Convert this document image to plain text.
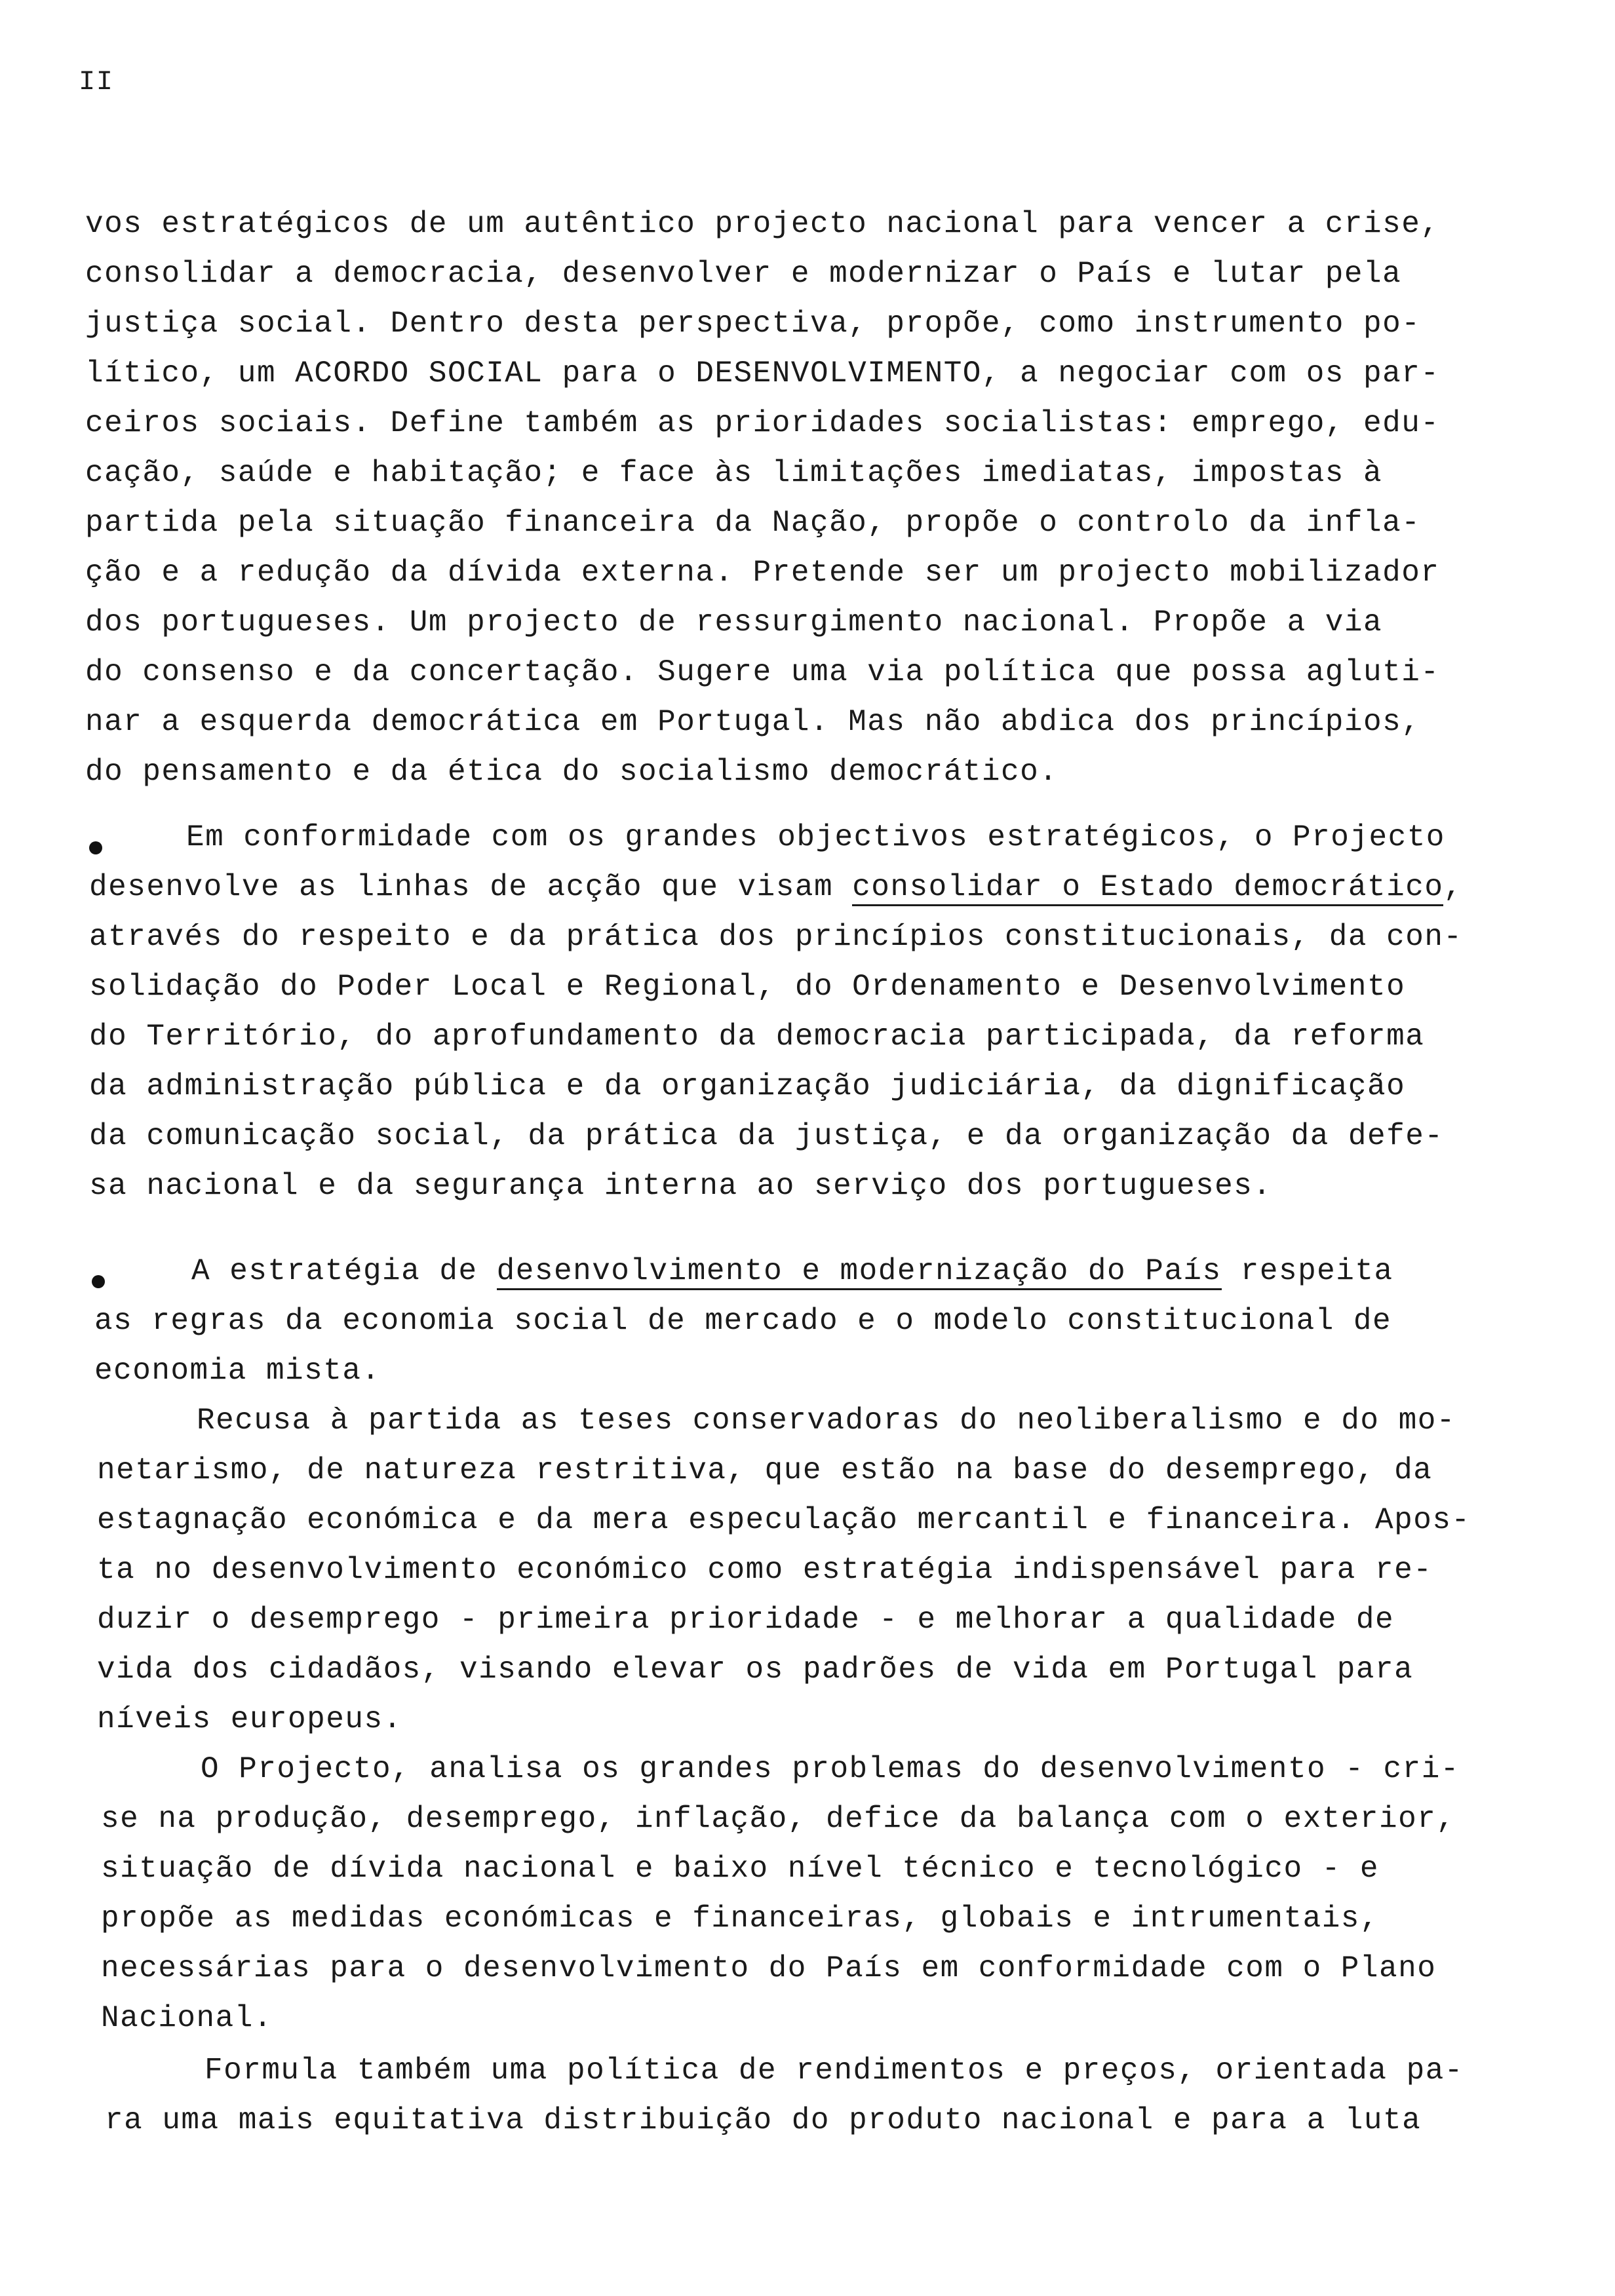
II
vos estratégicos de um autêntico projecto nacional para vencer a crise,
consolidar a democracia, desenvolver e modernizar o País e lutar pela
justiça social. Dentro desta perspectiva, propõe, como instrumento po-
lítico, um ACORDO SOCIAL para o DESENVOLVIMENTO, a negociar com os par-
ceiros sociais. Define também as prioridades socialistas: emprego, edu-
cação, saúde e habitação; e face às limitações imediatas, impostas à
partida pela situação financeira da Nação, propõe o controlo da infla-
ção e a redução da dívida externa. Pretende ser um projecto mobilizador
dos portugueses. Um projecto de ressurgimento nacional. Propõe a via
do consenso e da concertação. Sugere uma via política que possa agluti-
nar a esquerda democrática em Portugal. Mas não abdica dos princípios,
do pensamento e da ética do socialismo democrático.
Em conformidade com os grandes objectivos estratégicos, o Projecto
desenvolve as linhas de acção que visam consolidar o Estado democrático,
através do respeito e da prática dos princípios constitucionais, da con-
solidação do Poder Local e Regional, do Ordenamento e Desenvolvimento
do Território, do aprofundamento da democracia participada, da reforma
da administração pública e da organização judiciária, da dignificação
da comunicação social, da prática da justiça, e da organização da defe-
sa nacional e da segurança interna ao serviço dos portugueses.
A estratégia de desenvolvimento e modernização do País respeita
as regras da economia social de mercado e o modelo constitucional de
economia mista.
Recusa à partida as teses conservadoras do neoliberalismo e do mo-
netarismo, de natureza restritiva, que estão na base do desemprego, da
estagnação económica e da mera especulação mercantil e financeira. Apos-
ta no desenvolvimento económico como estratégia indispensável para re-
duzir o desemprego - primeira prioridade - e melhorar a qualidade de
vida dos cidadãos, visando elevar os padrões de vida em Portugal para
níveis europeus.
O Projecto, analisa os grandes problemas do desenvolvimento - cri-
se na produção, desemprego, inflação, defice da balança com o exterior,
situação de dívida nacional e baixo nível técnico e tecnológico - e
propõe as medidas económicas e financeiras, globais e intrumentais,
necessárias para o desenvolvimento do País em conformidade com o Plano
Nacional.
Formula também uma política de rendimentos e preços, orientada pa-
ra uma mais equitativa distribuição do produto nacional e para a luta
